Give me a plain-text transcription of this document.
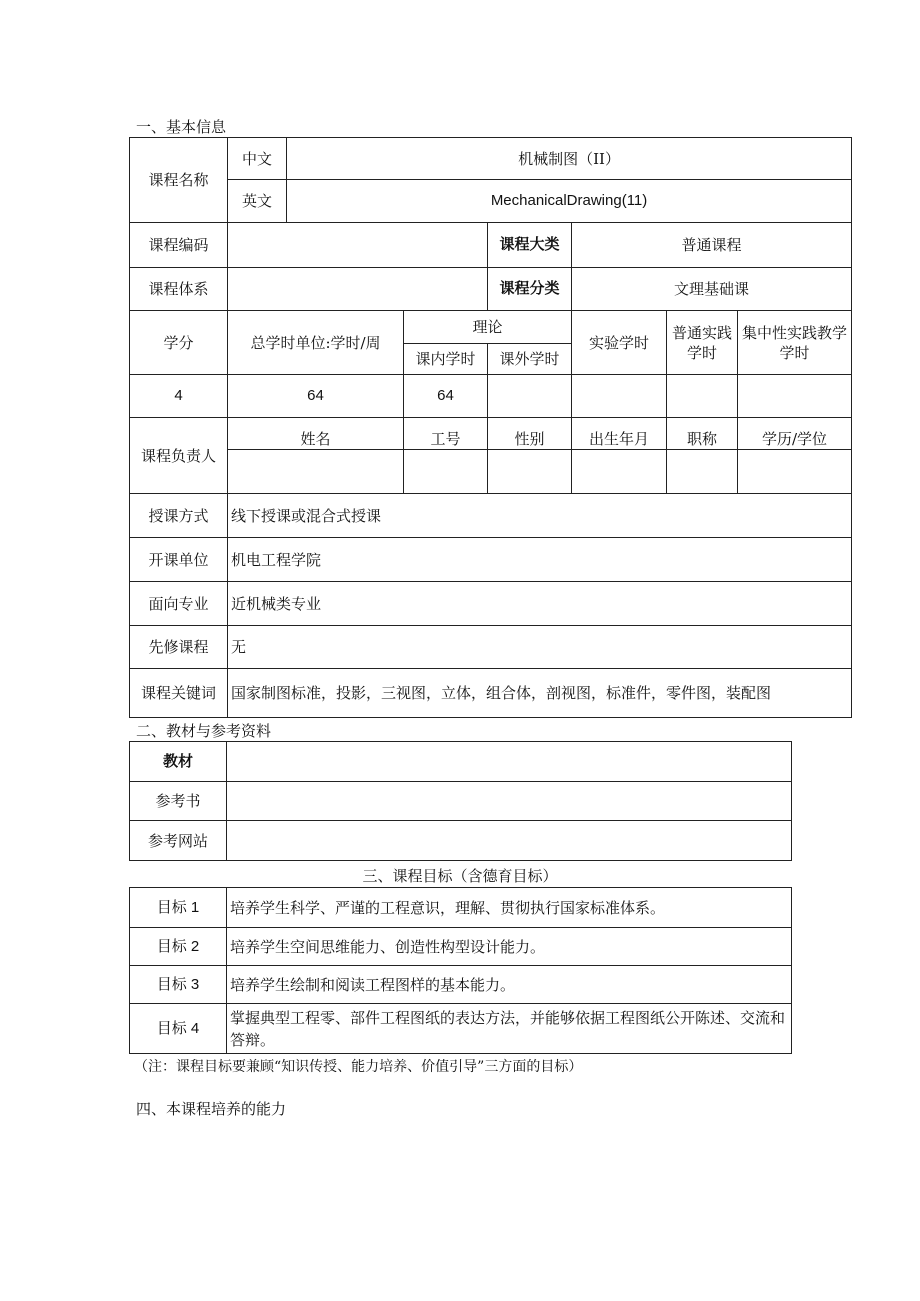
一、基本信息
课程名称	中文	机械制图（II）					
	英文	MechanicalDrawing(11)					
课程编码				课程大类	普通课程		
课程体系				课程分类	文理基础课		
学分	总学时单位:学时/周		理论		实验学时	普通实践学时	集中性实践教学学时
			课内学时	课外学时			
4	64		64				
课程负责人	姓名		工号	性别	出生年月	职称	学历/学位

授课方式	线下授课或混合式授课						
开课单位	机电工程学院						
面向专业	近机械类专业						
先修课程	无						
课程关键词	国家制图标准，投影，三视图，立体，组合体，剖视图，标准件，零件图，装配图						
二、教材与参考资料
教材	
参考书	
参考网站	
三、课程目标（含德育目标）
目标 1	培养学生科学、严谨的工程意识，理解、贯彻执行国家标准体系。
目标 2	培养学生空间思维能力、创造性构型设计能力。
目标 3	培养学生绘制和阅读工程图样的基本能力。
目标 4	掌握典型工程零、部件工程图纸的表达方法，并能够依据工程图纸公开陈述、交流和答辩。
（注：课程目标要兼顾“知识传授、能力培养、价值引导”三方面的目标）
四、本课程培养的能力
